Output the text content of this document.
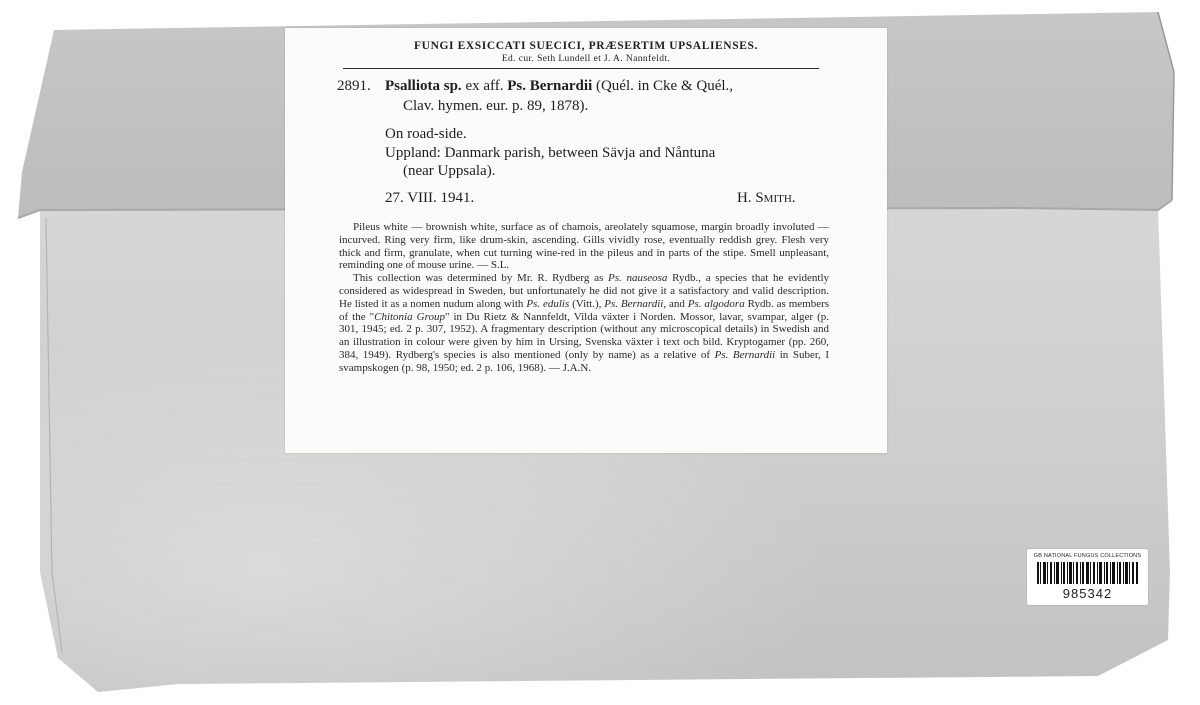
FUNGI EXSICCATI SUECICI, PRÆSERTIM UPSALIENSES.
Ed. cur. Seth Lundell et J. A. Nannfeldt.
2891. Psalliota sp. ex aff. Ps. Bernardii (Quél. in Cke & Quél.,
Clav. hymen. eur. p. 89, 1878).
On road-side.
Uppland: Danmark parish, between Sävja and Nåntuna
(near Uppsala).
27. VIII. 1941.	H. Smith.

Pileus white — brownish white, surface as of chamois, areolately squamose, margin broadly involuted — incurved. Ring very firm, like drum-skin, ascending. Gills vividly rose, eventually reddish grey. Flesh very thick and firm, granulate, when cut turning wine-red in the pileus and in parts of the stipe. Smell unpleasant, reminding one of mouse urine. — S.L.

This collection was determined by Mr. R. Rydberg as Ps. nauseosa Rydb., a species that he evidently considered as widespread in Sweden, but unfortunately he did not give it a satisfactory and valid description. He listed it as a nomen nudum along with Ps. edulis (Vitt.), Ps. Bernardii, and Ps. algodora Rydb. as members of the "Chitonia Group" in Du Rietz & Nannfeldt, Vilda växter i Norden. Mossor, lavar, svampar, alger (p. 301, 1945; ed. 2 p. 307, 1952). A fragmentary description (without any microscopical details) in Swedish and an illustration in colour were given by him in Ursing, Svenska växter i text och bild. Kryptogamer (pp. 260, 384, 1949). Rydberg's species is also mentioned (only by name) as a relative of Ps. Bernardii in Suber, I svampskogen (p. 98, 1950; ed. 2 p. 106, 1968). — J.A.N.

GB NATIONAL FUNGUS COLLECTIONS
985342
